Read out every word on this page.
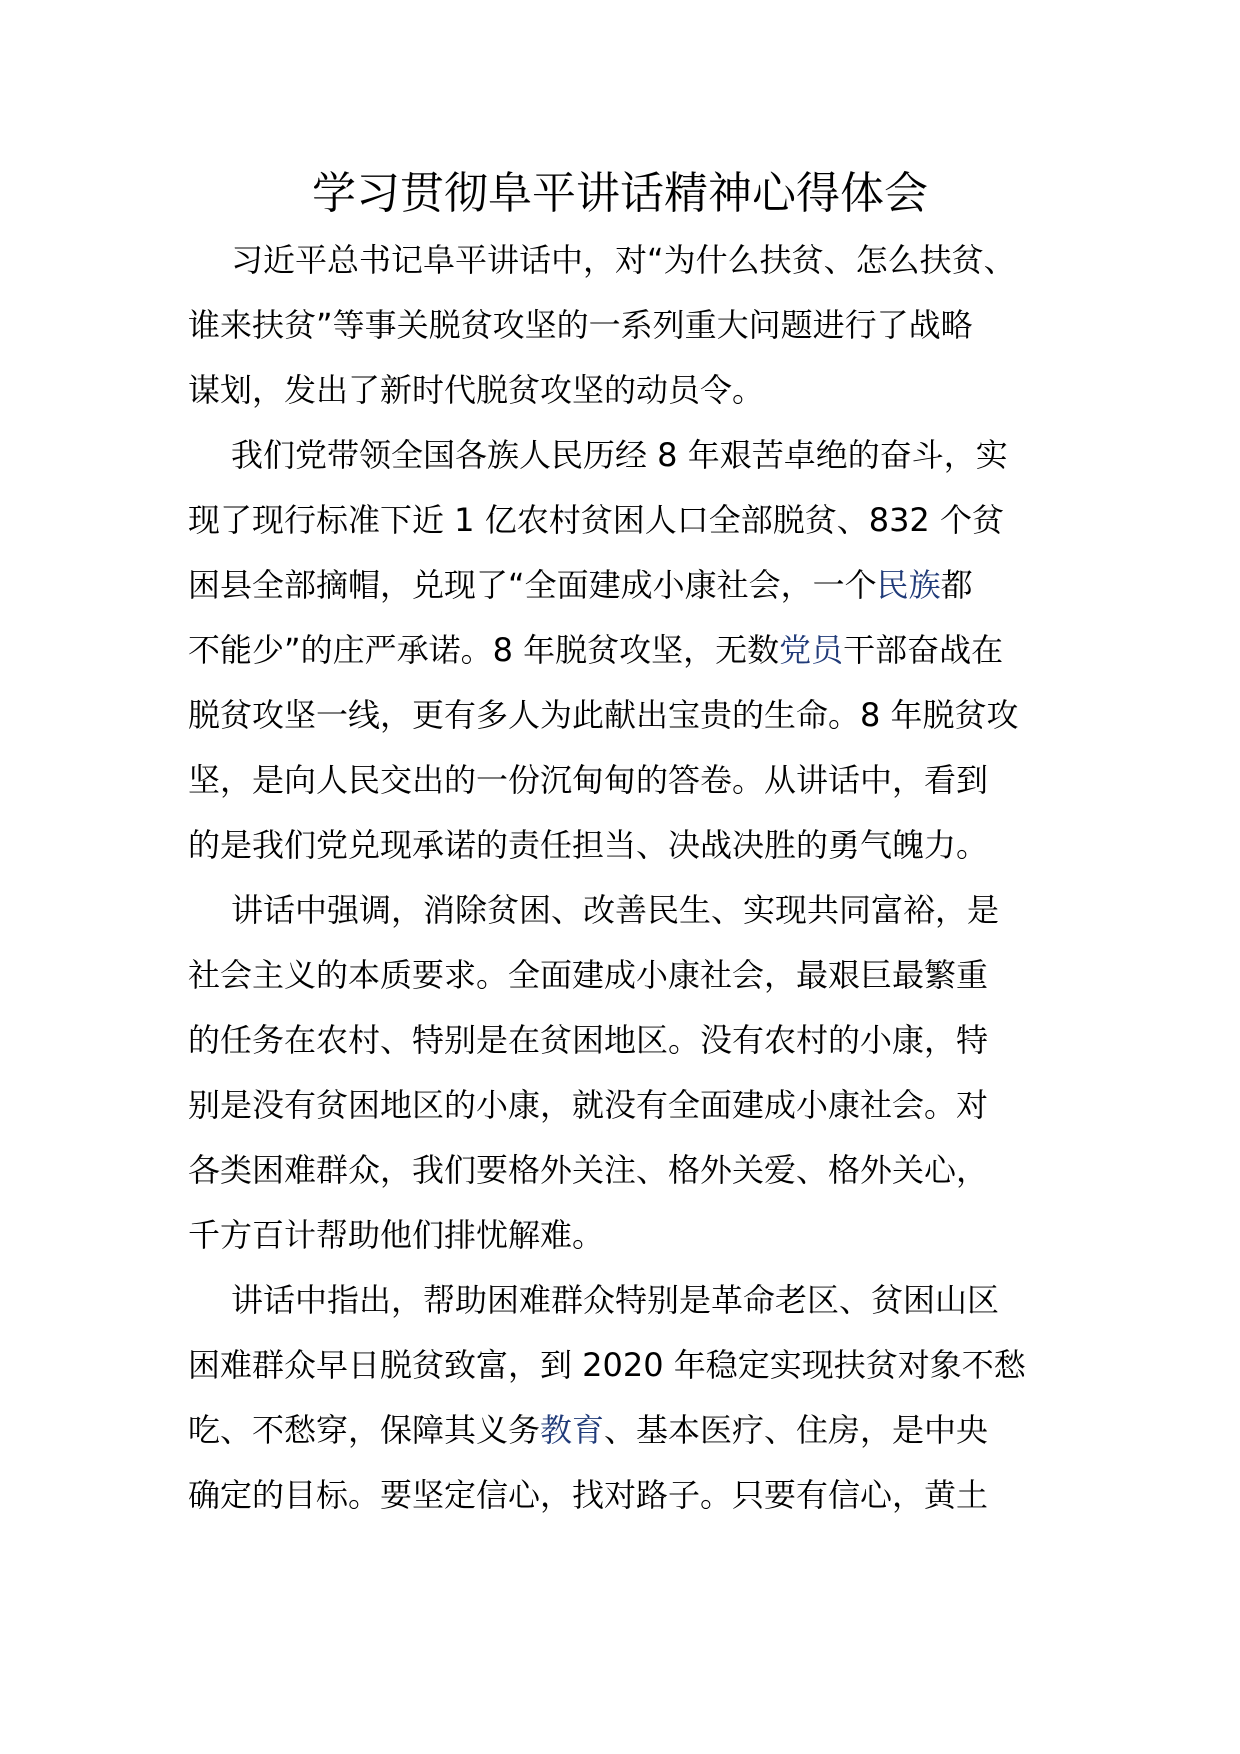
学习贯彻阜平讲话精神心得体会
习近平总书记阜平讲话中，对“为什么扶贫、怎么扶贫、
谁来扶贫”等事关脱贫攻坚的一系列重大问题进行了战略
谋划，发出了新时代脱贫攻坚的动员令。
我们党带领全国各族人民历经 8 年艰苦卓绝的奋斗，实
现了现行标准下近 1 亿农村贫困人口全部脱贫、832 个贫
困县全部摘帽，兑现了“全面建成小康社会，一个民族都
不能少”的庄严承诺。8 年脱贫攻坚，无数党员干部奋战在
脱贫攻坚一线，更有多人为此献出宝贵的生命。8 年脱贫攻
坚，是向人民交出的一份沉甸甸的答卷。从讲话中，看到
的是我们党兑现承诺的责任担当、决战决胜的勇气魄力。
讲话中强调，消除贫困、改善民生、实现共同富裕，是
社会主义的本质要求。全面建成小康社会，最艰巨最繁重
的任务在农村、特别是在贫困地区。没有农村的小康，特
别是没有贫困地区的小康，就没有全面建成小康社会。对
各类困难群众，我们要格外关注、格外关爱、格外关心，
千方百计帮助他们排忧解难。
讲话中指出，帮助困难群众特别是革命老区、贫困山区
困难群众早日脱贫致富，到 2020 年稳定实现扶贫对象不愁
吃、不愁穿，保障其义务教育、基本医疗、住房，是中央
确定的目标。要坚定信心，找对路子。只要有信心，黄土
